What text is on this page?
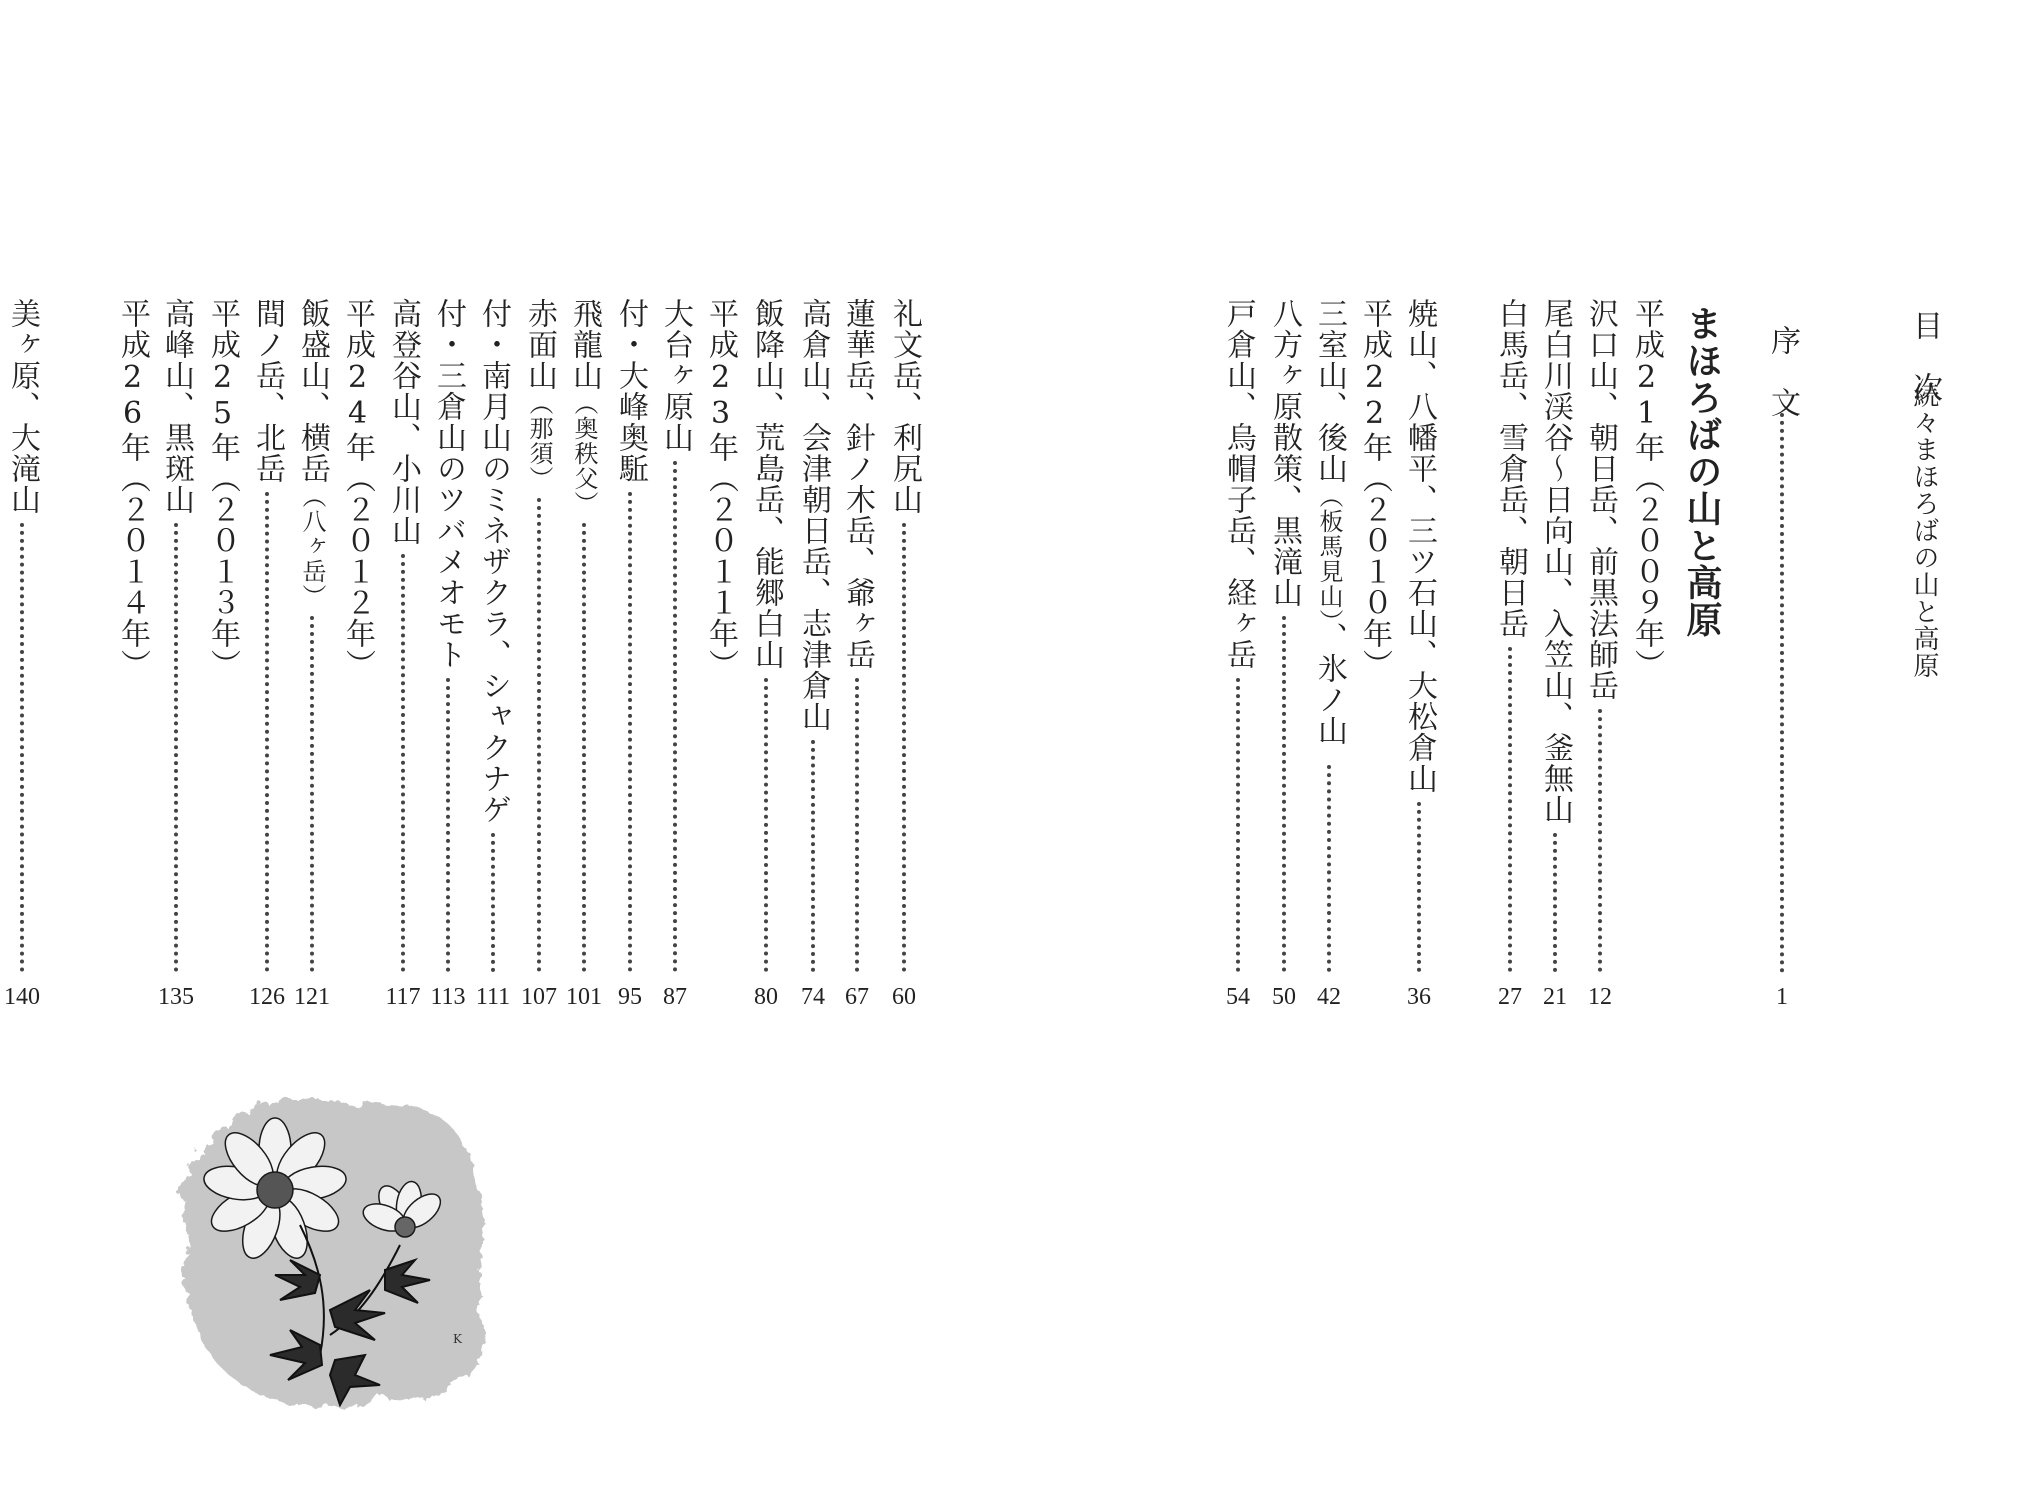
目　次
続々まほろばの山と高原
序　文
1
まほろばの山と高原
平成21年（２００９年）
沢口山、朝日岳、前黒法師岳
12
尾白川渓谷～日向山、入笠山、釜無山
21
白馬岳、雪倉岳、朝日岳
27
焼山、八幡平、三ツ石山、大松倉山
36
平成22年（２０１０年）
三室山、後山（板馬見山）、氷ノ山
42
八方ヶ原散策、黒滝山
50
戸倉山、烏帽子岳、経ヶ岳
54
礼文岳、利尻山
60
蓮華岳、針ノ木岳、爺ヶ岳
67
高倉山、会津朝日岳、志津倉山
74
飯降山、荒島岳、能郷白山
80
平成23年（２０１１年）
大台ヶ原山
87
付・大峰奥駈
95
飛龍山（奥秩父）
101
赤面山（那須）
107
付・南月山のミネザクラ、シャクナゲ
111
付・三倉山のツバメオモト
113
高登谷山、小川山
117
平成24年（２０１２年）
飯盛山、横岳（八ヶ岳）
121
間ノ岳、北岳
126
平成25年（２０１３年）
高峰山、黒斑山
135
平成26年（２０１４年）
美ヶ原、大滝山
140
K
